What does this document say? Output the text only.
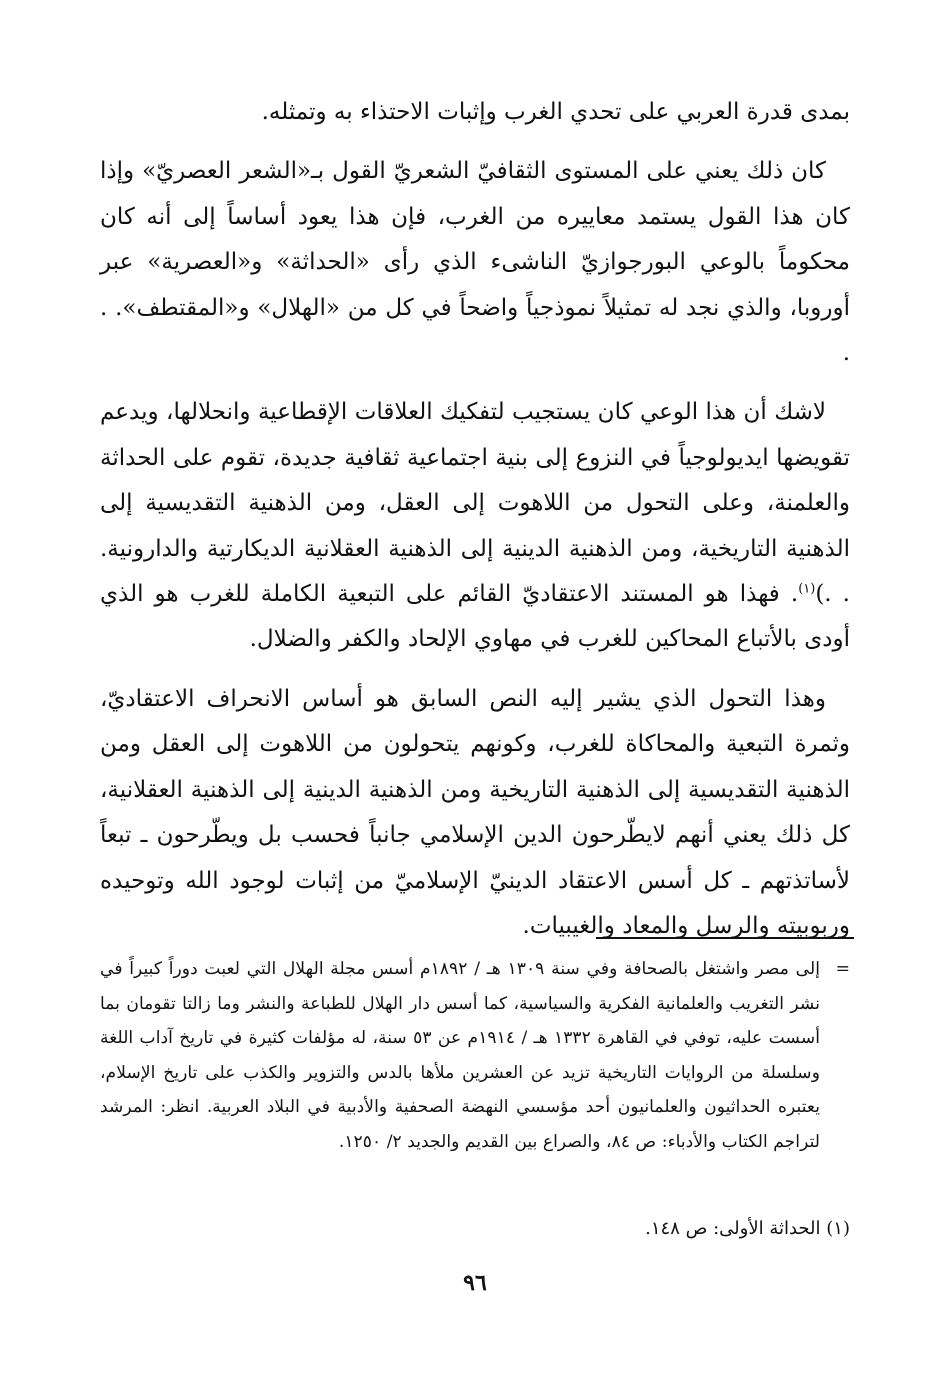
بمدى قدرة العربي على تحدي الغرب وإثبات الاحتذاء به وتمثله.

كان ذلك يعني على المستوى الثقافيّ الشعريّ القول بـ«الشعر العصريّ» وإذا كان هذا القول يستمد معاييره من الغرب، فإن هذا يعود أساساً إلى أنه كان محكوماً بالوعي البورجوازيّ الناشىء الذي رأى «الحداثة» و«العصرية» عبر أوروبا، والذي نجد له تمثيلاً نموذجياً واضحاً في كل من «الهلال» و«المقتطف». . .

لاشك أن هذا الوعي كان يستجيب لتفكيك العلاقات الإقطاعية وانحلالها، ويدعم تقويضها ايديولوجياً في النزوع إلى بنية اجتماعية ثقافية جديدة، تقوم على الحداثة والعلمنة، وعلى التحول من اللاهوت إلى العقل، ومن الذهنية التقديسية إلى الذهنية التاريخية، ومن الذهنية الدينية إلى الذهنية العقلانية الديكارتية والدارونية. . .)$^{(١)}$. فهذا هو المستند الاعتقاديّ القائم على التبعية الكاملة للغرب هو الذي أودى بالأتباع المحاكين للغرب في مهاوي الإلحاد والكفر والضلال.

وهذا التحول الذي يشير إليه النص السابق هو أساس الانحراف الاعتقاديّ، وثمرة التبعية والمحاكاة للغرب، وكونهم يتحولون من اللاهوت إلى العقل ومن الذهنية التقديسية إلى الذهنية التاريخية ومن الذهنية الدينية إلى الذهنية العقلانية، كل ذلك يعني أنهم لايطّرحون الدين الإسلامي جانباً فحسب بل ويطّرحون ـ تبعاً لأساتذتهم ـ كل أسس الاعتقاد الدينيّ الإسلاميّ من إثبات لوجود الله وتوحيده وربوبيته والرسل والمعاد والغيبيات.

=
إلى مصر واشتغل بالصحافة وفي سنة ١٣٠٩ هـ / ١٨٩٢م أسس مجلة الهلال التي لعبت دوراً كبيراً في نشر التغريب والعلمانية الفكرية والسياسية، كما أسس دار الهلال للطباعة والنشر وما زالتا تقومان بما أسست عليه، توفي في القاهرة ١٣٣٢ هـ / ١٩١٤م عن ٥٣ سنة، له مؤلفات كثيرة في تاريخ آداب اللغة وسلسلة من الروايات التاريخية تزيد عن العشرين ملأها بالدس والتزوير والكذب على تاريخ الإسلام، يعتبره الحداثيون والعلمانيون أحد مؤسسي النهضة الصحفية والأدبية في البلاد العربية. انظر: المرشد لتراجم الكتاب والأدباء: ص ٨٤، والصراع بين القديم والجديد ٢/ ١٢٥٠.

(١) الحداثة الأولى: ص ١٤٨.
٩٦
